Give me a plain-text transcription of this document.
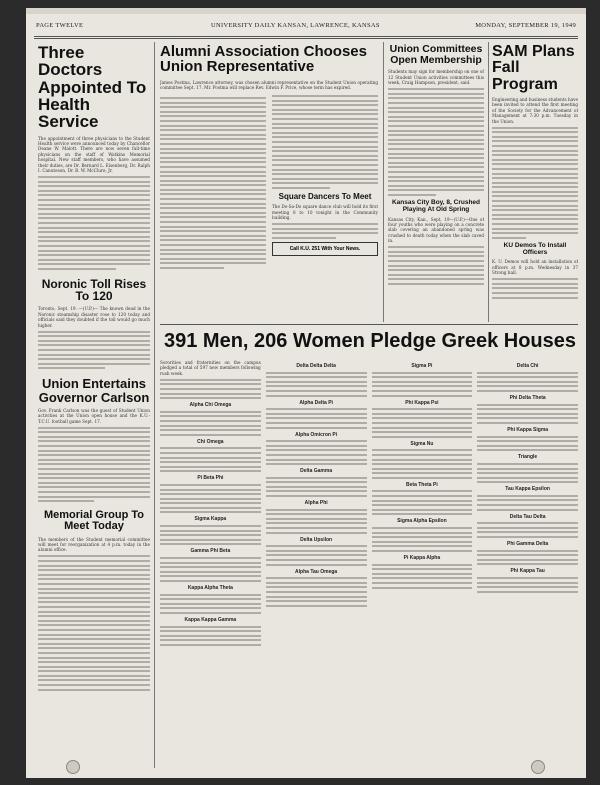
PAGE TWELVE	UNIVERSITY DAILY KANSAN, LAWRENCE, KANSAS	MONDAY, SEPTEMBER 19, 1949
Three Doctors Appointed To Health Service

The appointment of three physicians to the Student Health service were announced today by Chancellor Deane W. Malott. There are now seven full-time physicians on the staff of Watkins Memorial hospital. New staff members, who have assumed their duties, are Dr. Bernard L. Eisenberg, Dr. Ralph I. Canuteson, Dr. B. W. McClure, Jr.

Noronic Toll Rises To 120

Toronto, Sept. 19. —(U.P.)— The known dead in the Noronic steamship disaster rose to 120 today and officials said they doubted if the toll would go much higher.

Union Entertains Governor Carlson

Gov. Frank Carlson was the guest of Student Union activities at the Union open house and the K.U.-T.C.U. football game Sept. 17.

Memorial Group To Meet Today

The members of the Student memorial committee will meet for reorganization at 4 p.m. today in the alumni office.

Alumni Association Chooses Union Representative

James Postma, Lawrence attorney, was chosen alumni representative on the Student Union operating committee Sept. 17. Mr. Postma will replace Rev. Edwin F. Price, whose term has expired.

Square Dancers To Meet

The Do-Sa-Do square dance club will hold its first meeting 8 to 10 tonight in the Community building.

Call K.U. 251 With Your News.
Union Committees Open Membership

Students may sign for membership on one of 12 Student Union activities committees this week, Craig Hampson, president, said.

Kansas City Boy, 8, Crushed Playing At Old Spring

Kansas City, Kan., Sept. 19—(U.P.)—One of four youths who were playing on a concrete slab covering an abandoned spring was crushed to death today when the slab caved in.

SAM Plans Fall Program

Engineering and business students have been invited to attend the first meeting of the Society for the Advancement of Management at 7:30 p.m. Tuesday in the Union.

KU Demos To Install Officers

K. U. Demos will hold an installation of officers at 8 p.m. Wednesday in 37 Strong hall.

391 Men, 206 Women Pledge Greek Houses

Sororities and fraternities on the campus pledged a total of 597 new members following rush week.

Alpha Chi Omega
Chi Omega
Pi Beta Phi
Sigma Kappa
Gamma Phi Beta
Kappa Alpha Theta
Kappa Kappa Gamma
Delta Delta Delta
Alpha Delta Pi
Alpha Omicron Pi
Delta Gamma
Alpha Phi
Delta Upsilon
Alpha Tau Omega
Sigma Pi
Phi Kappa Psi
Sigma Nu
Beta Theta Pi
Sigma Alpha Epsilon
Pi Kappa Alpha
Delta Chi
Phi Delta Theta
Phi Kappa Sigma
Triangle
Tau Kappa Epsilon
Delta Tau Delta
Phi Gamma Delta
Phi Kappa Tau
